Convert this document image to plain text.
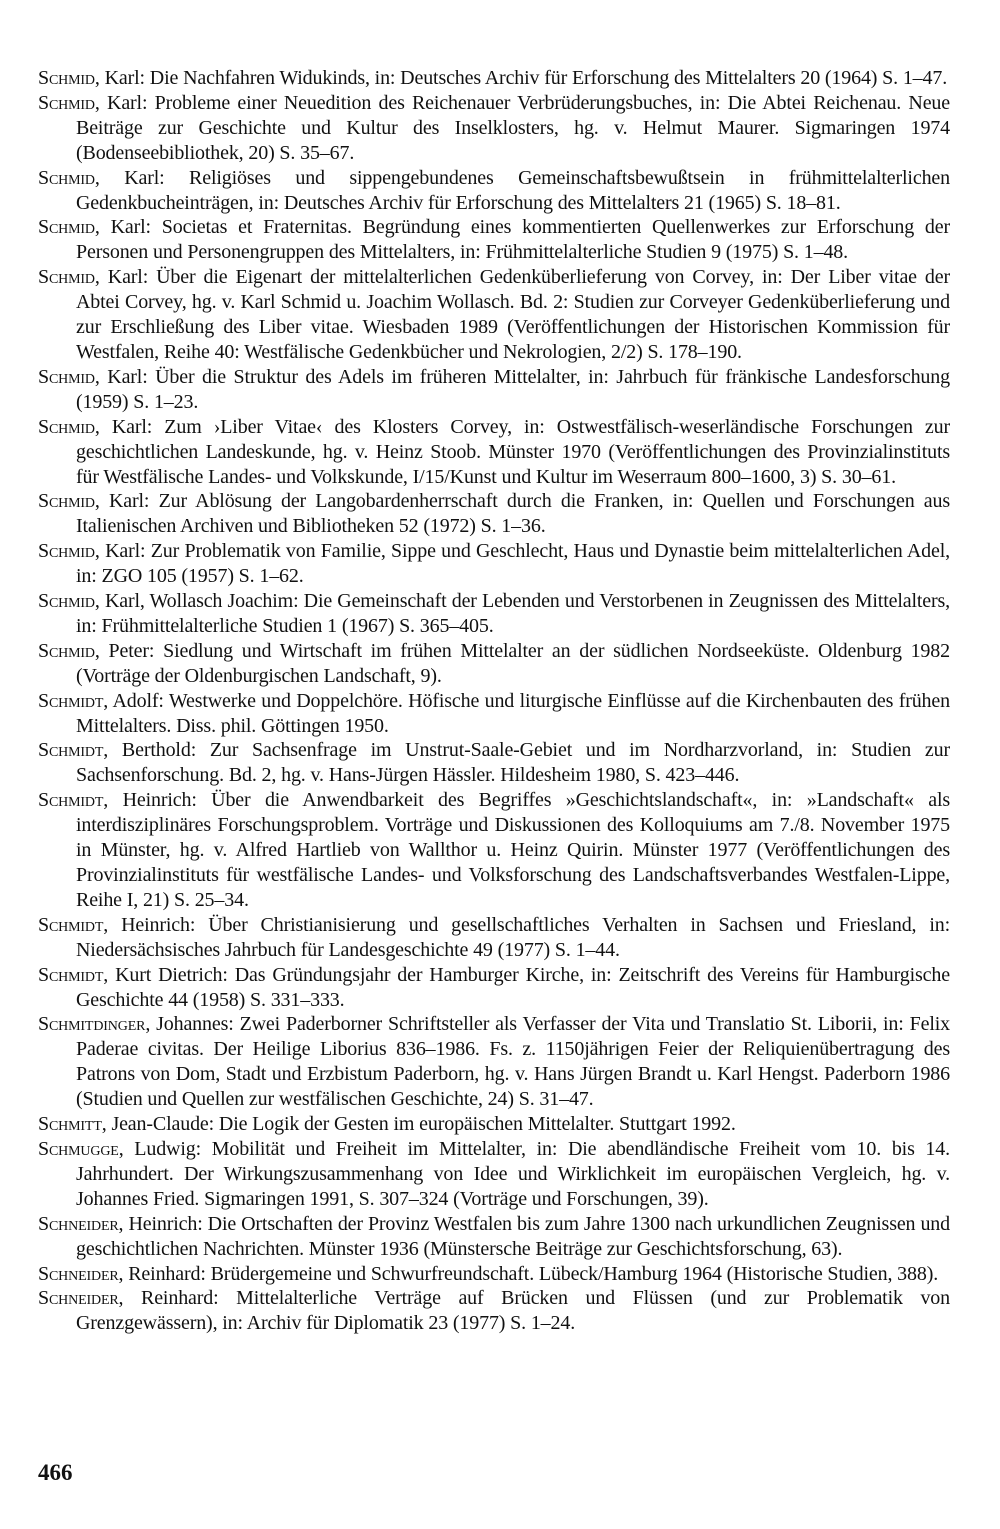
Schmid, Karl: Die Nachfahren Widukinds, in: Deutsches Archiv für Erforschung des Mittelalters 20 (1964) S. 1–47.

Schmid, Karl: Probleme einer Neuedition des Reichenauer Verbrüderungsbuches, in: Die Abtei Reichenau. Neue Beiträge zur Geschichte und Kultur des Inselklosters, hg. v. Helmut Maurer. Sigmaringen 1974 (Bodenseebibliothek, 20) S. 35–67.

Schmid, Karl: Religiöses und sippengebundenes Gemeinschaftsbewußtsein in frühmittelalterlichen Gedenkbucheinträgen, in: Deutsches Archiv für Erforschung des Mittelalters 21 (1965) S. 18–81.

Schmid, Karl: Societas et Fraternitas. Begründung eines kommentierten Quellenwerkes zur Erforschung der Personen und Personengruppen des Mittelalters, in: Frühmittelalterliche Studien 9 (1975) S. 1–48.

Schmid, Karl: Über die Eigenart der mittelalterlichen Gedenküberlieferung von Corvey, in: Der Liber vitae der Abtei Corvey, hg. v. Karl Schmid u. Joachim Wollasch. Bd. 2: Studien zur Corveyer Gedenküberlieferung und zur Erschließung des Liber vitae. Wiesbaden 1989 (Veröffentlichungen der Historischen Kommission für Westfalen, Reihe 40: Westfälische Gedenkbücher und Nekrologien, 2/2) S. 178–190.

Schmid, Karl: Über die Struktur des Adels im früheren Mittelalter, in: Jahrbuch für fränkische Landesforschung (1959) S. 1–23.

Schmid, Karl: Zum ›Liber Vitae‹ des Klosters Corvey, in: Ostwestfälisch-weserländische Forschungen zur geschichtlichen Landeskunde, hg. v. Heinz Stoob. Münster 1970 (Veröffentlichungen des Provinzialinstituts für Westfälische Landes- und Volkskunde, I/15/Kunst und Kultur im Weserraum 800–1600, 3) S. 30–61.

Schmid, Karl: Zur Ablösung der Langobardenherrschaft durch die Franken, in: Quellen und Forschungen aus Italienischen Archiven und Bibliotheken 52 (1972) S. 1–36.

Schmid, Karl: Zur Problematik von Familie, Sippe und Geschlecht, Haus und Dynastie beim mittelalterlichen Adel, in: ZGO 105 (1957) S. 1–62.

Schmid, Karl, Wollasch Joachim: Die Gemeinschaft der Lebenden und Verstorbenen in Zeugnissen des Mittelalters, in: Frühmittelalterliche Studien 1 (1967) S. 365–405.

Schmid, Peter: Siedlung und Wirtschaft im frühen Mittelalter an der südlichen Nordseeküste. Oldenburg 1982 (Vorträge der Oldenburgischen Landschaft, 9).

Schmidt, Adolf: Westwerke und Doppelchöre. Höfische und liturgische Einflüsse auf die Kirchenbauten des frühen Mittelalters. Diss. phil. Göttingen 1950.

Schmidt, Berthold: Zur Sachsenfrage im Unstrut-Saale-Gebiet und im Nordharzvorland, in: Studien zur Sachsenforschung. Bd. 2, hg. v. Hans-Jürgen Hässler. Hildesheim 1980, S. 423–446.

Schmidt, Heinrich: Über die Anwendbarkeit des Begriffes »Geschichtslandschaft«, in: »Landschaft« als interdisziplinäres Forschungsproblem. Vorträge und Diskussionen des Kolloquiums am 7./8. November 1975 in Münster, hg. v. Alfred Hartlieb von Wallthor u. Heinz Quirin. Münster 1977 (Veröffentlichungen des Provinzialinstituts für westfälische Landes- und Volksforschung des Landschaftsverbandes Westfalen-Lippe, Reihe I, 21) S. 25–34.

Schmidt, Heinrich: Über Christianisierung und gesellschaftliches Verhalten in Sachsen und Friesland, in: Niedersächsisches Jahrbuch für Landesgeschichte 49 (1977) S. 1–44.

Schmidt, Kurt Dietrich: Das Gründungsjahr der Hamburger Kirche, in: Zeitschrift des Vereins für Hamburgische Geschichte 44 (1958) S. 331–333.

Schmitdinger, Johannes: Zwei Paderborner Schriftsteller als Verfasser der Vita und Translatio St. Liborii, in: Felix Paderae civitas. Der Heilige Liborius 836–1986. Fs. z. 1150jährigen Feier der Reliquienübertragung des Patrons von Dom, Stadt und Erzbistum Paderborn, hg. v. Hans Jürgen Brandt u. Karl Hengst. Paderborn 1986 (Studien und Quellen zur westfälischen Geschichte, 24) S. 31–47.

Schmitt, Jean-Claude: Die Logik der Gesten im europäischen Mittelalter. Stuttgart 1992.

Schmugge, Ludwig: Mobilität und Freiheit im Mittelalter, in: Die abendländische Freiheit vom 10. bis 14. Jahrhundert. Der Wirkungszusammenhang von Idee und Wirklichkeit im europäischen Vergleich, hg. v. Johannes Fried. Sigmaringen 1991, S. 307–324 (Vorträge und Forschungen, 39).

Schneider, Heinrich: Die Ortschaften der Provinz Westfalen bis zum Jahre 1300 nach urkundlichen Zeugnissen und geschichtlichen Nachrichten. Münster 1936 (Münstersche Beiträge zur Geschichtsforschung, 63).

Schneider, Reinhard: Brüdergemeine und Schwurfreundschaft. Lübeck/Hamburg 1964 (Historische Studien, 388).

Schneider, Reinhard: Mittelalterliche Verträge auf Brücken und Flüssen (und zur Problematik von Grenzgewässern), in: Archiv für Diplomatik 23 (1977) S. 1–24.

466
